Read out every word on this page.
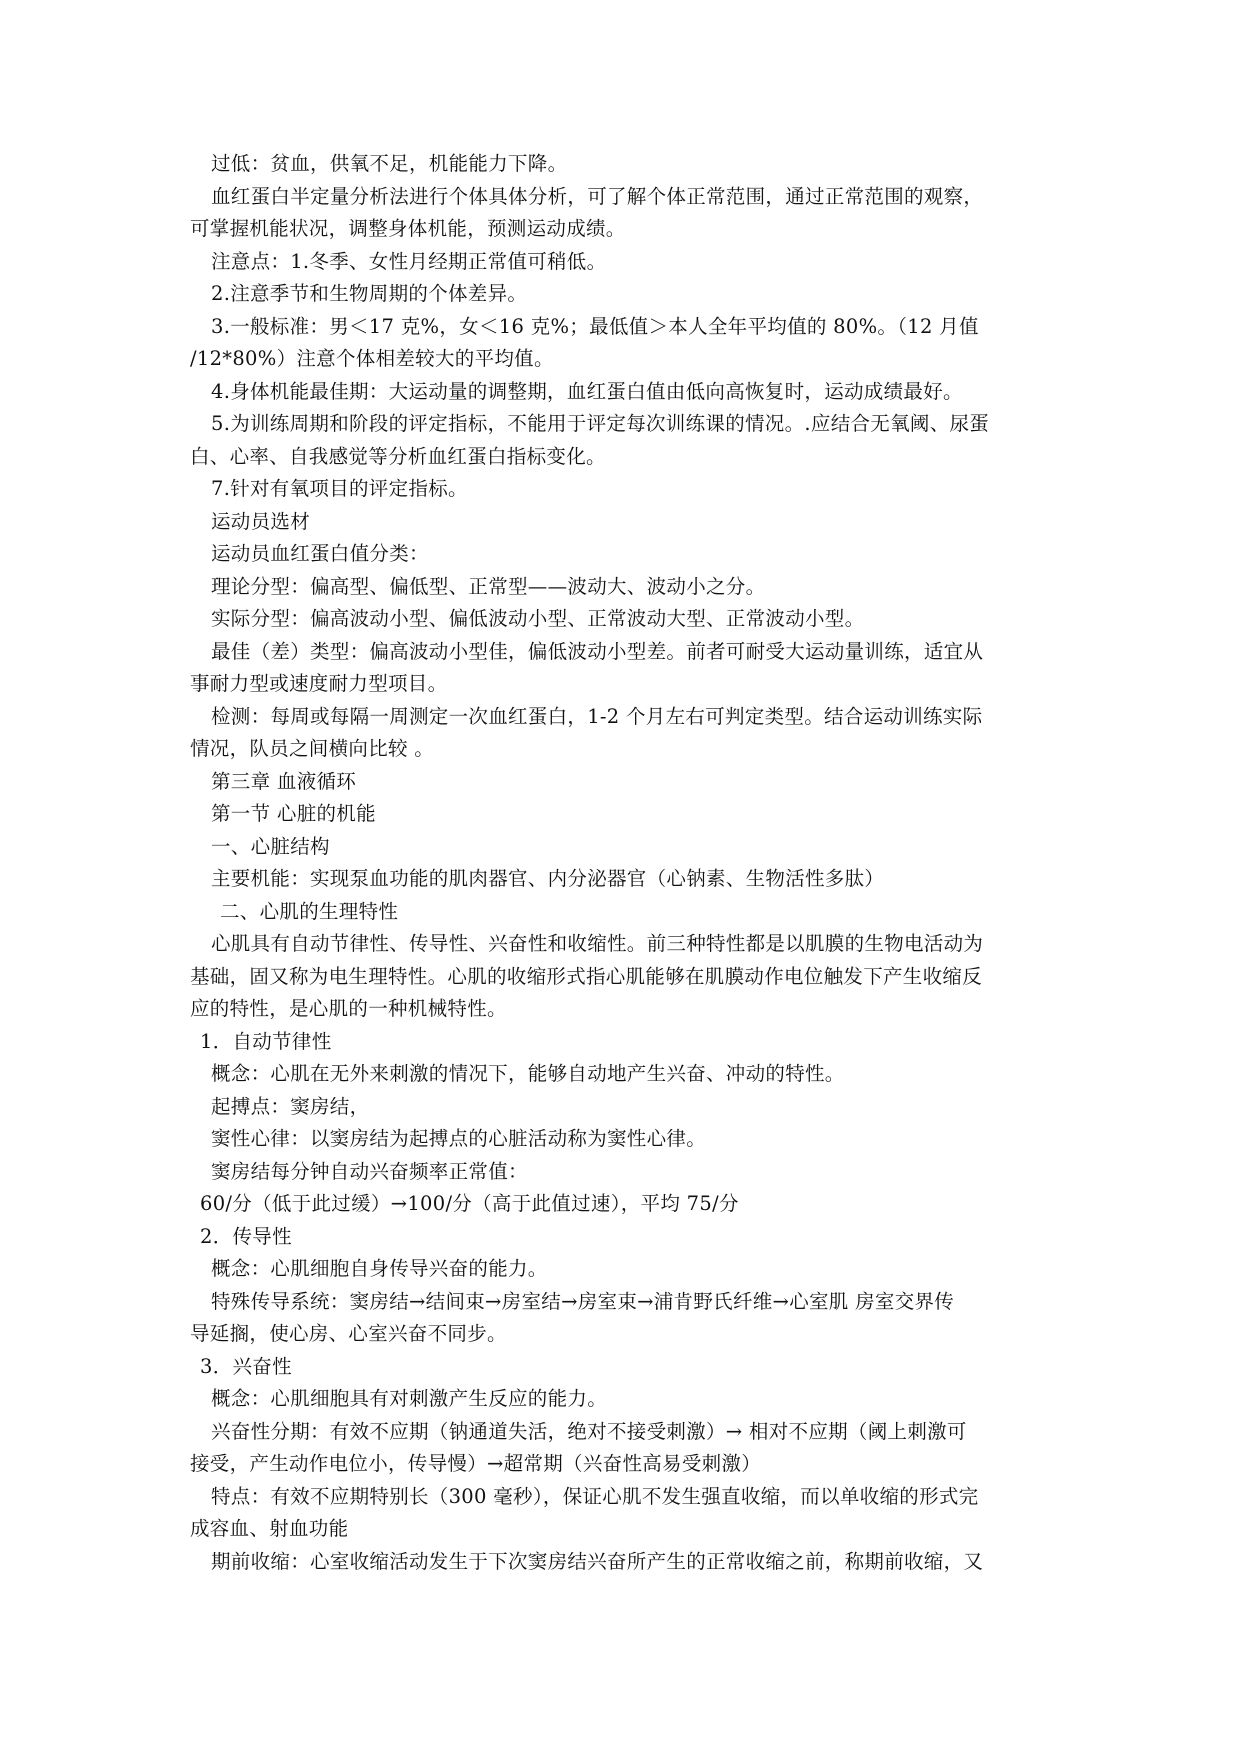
过低：贫血，供氧不足，机能能力下降。
血红蛋白半定量分析法进行个体具体分析，可了解个体正常范围，通过正常范围的观察，
可掌握机能状况，调整身体机能，预测运动成绩。
注意点：1.冬季、女性月经期正常值可稍低。
2.注意季节和生物周期的个体差异。
3.一般标准：男＜17 克%，女＜16 克%；最低值＞本人全年平均值的 80%。（12 月值
/12*80%）注意个体相差较大的平均值。
4.身体机能最佳期：大运动量的调整期，血红蛋白值由低向高恢复时，运动成绩最好。
5.为训练周期和阶段的评定指标，不能用于评定每次训练课的情况。.应结合无氧阈、尿蛋
白、心率、自我感觉等分析血红蛋白指标变化。
7.针对有氧项目的评定指标。
运动员选材
运动员血红蛋白值分类：
理论分型：偏高型、偏低型、正常型——波动大、波动小之分。
实际分型：偏高波动小型、偏低波动小型、正常波动大型、正常波动小型。
最佳（差）类型：偏高波动小型佳，偏低波动小型差。前者可耐受大运动量训练，适宜从
事耐力型或速度耐力型项目。
检测：每周或每隔一周测定一次血红蛋白，1-2 个月左右可判定类型。结合运动训练实际
情况，队员之间横向比较 。
第三章 血液循环
第一节 心脏的机能
一、心脏结构
主要机能：实现泵血功能的肌肉器官、内分泌器官（心钠素、生物活性多肽）
二、心肌的生理特性
心肌具有自动节律性、传导性、兴奋性和收缩性。前三种特性都是以肌膜的生物电活动为
基础，固又称为电生理特性。心肌的收缩形式指心肌能够在肌膜动作电位触发下产生收缩反
应的特性，是心肌的一种机械特性。
1．自动节律性
概念：心肌在无外来刺激的情况下，能够自动地产生兴奋、冲动的特性。
起搏点：窦房结，
窦性心律：以窦房结为起搏点的心脏活动称为窦性心律。
窦房结每分钟自动兴奋频率正常值：
60/分（低于此过缓）→100/分（高于此值过速），平均 75/分
2．传导性
概念：心肌细胞自身传导兴奋的能力。
特殊传导系统：窦房结→结间束→房室结→房室束→浦肯野氏纤维→心室肌 房室交界传
导延搁，使心房、心室兴奋不同步。
3．兴奋性
概念：心肌细胞具有对刺激产生反应的能力。
兴奋性分期：有效不应期（钠通道失活，绝对不接受刺激）→ 相对不应期（阈上刺激可
接受，产生动作电位小，传导慢）→超常期（兴奋性高易受刺激）
特点：有效不应期特别长（300 毫秒），保证心肌不发生强直收缩，而以单收缩的形式完
成容血、射血功能
期前收缩：心室收缩活动发生于下次窦房结兴奋所产生的正常收缩之前，称期前收缩，又
